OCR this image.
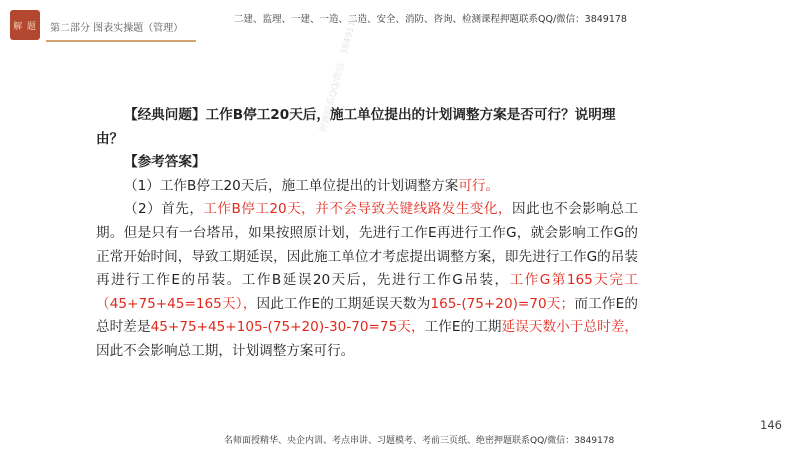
解 题 第二部分 图表实操题（管理）
二建、监理、一建、一造、二造、安全、消防、咨询、检测课程押题联系QQ/微信：3849178
押题联系QQ/微信：3849178

【经典问题】工作B停工20天后，施工单位提出的计划调整方案是否可行？说明理由？

【参考答案】

（1）工作B停工20天后，施工单位提出的计划调整方案可行。

（2）首先，工作B停工20天，并不会导致关键线路发生变化，因此也不会影响总工期。但是只有一台塔吊，如果按照原计划，先进行工作E再进行工作G，就会影响工作G的正常开始时间，导致工期延误，因此施工单位才考虑提出调整方案，即先进行工作G的吊装再进行工作E的吊装。工作B延误20天后，先进行工作G吊装，工作G第165天完工（45+75+45=165天），因此工作E的工期延误天数为165-(75+20)=70天；而工作E的总时差是45+75+45+105-(75+20)-30-70=75天，工作E的工期延误天数小于总时差，因此不会影响总工期，计划调整方案可行。

146
名师面授精华、央企内训、考点串讲、习题模考、考前三页纸、绝密押题联系QQ/微信：3849178
